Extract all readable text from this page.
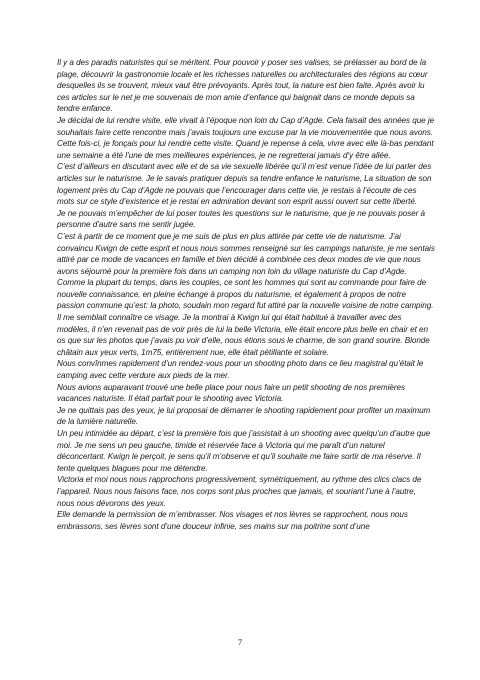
Il y a des paradis naturistes qui se méritent. Pour pouvoir y poser ses valises, se prélasser au bord de la plage, découvrir la gastronomie locale et les richesses naturelles ou architecturales des régions au cœur desquelles ils se trouvent, mieux vaut être prévoyants. Après tout, la nature est bien faite. Après avoir lu ces articles sur le net je me souvenais de mon amie d’enfance qui baignait dans ce monde depuis sa tendre enfance.

Je décidai de lui rendre visite, elle vivait à l’époque non loin du Cap d’Agde. Cela faisait des années que je souhaitais faire cette rencontre mais j’avais toujours une excuse par la vie mouvementée que nous avons. Cette fois-ci, je fonçais pour lui rendre cette visite. Quand je repense à cela, vivre avec elle là-bas pendant une semaine a été l’une de mes meilleures expériences, je ne regretterai jamais d’y être allée.

C’est d’ailleurs en discutant avec elle et de sa vie sexuelle libérée qu’il m’est venue l’idée de lui parler des articles sur le naturisme. Je le savais pratiquer depuis sa tendre enfance le naturisme, La situation de son logement près du Cap d’Agde ne pouvais que l’encourager dans cette vie, je restais à l’écoute de ces mots sur ce style d’existence et je restai en admiration devant son esprit aussi ouvert sur cette liberté.

Je ne pouvais m’empêcher de lui poser toutes les questions sur le naturisme, que je ne pouvais poser à personne d’autre sans me sentir jugée.

C’est à partir de ce moment que je me suis de plus en plus attirée par cette vie de naturisme. J’ai convaincu Kwign de cette esprit et nous nous sommes renseigné sur les campings naturiste, je me sentais attiré par ce mode de vacances en famille et bien décidé à combinée ces deux modes de vie que nous avons séjourné pour la première fois dans un camping non loin du village naturiste du Cap d’Agde.

Comme la plupart du temps, dans les couples, ce sont les hommes qui sont au commande pour faire de nouvelle connaissance, en pleine échange à propos du naturisme, et également à propos de notre passion commune qu’est: la photo, soudain mon regard fut attiré par la nouvelle voisine de notre camping. Il me semblait connaître ce visage. Je la montrai à Kwign lui qui était habitué à travailler avec des modèles, il n’en revenait pas de voir près de lui la belle Victoria, elle était encore plus belle en chair et en os que sur les photos que j’avais pu voir d’elle, nous étions sous le charme, de son grand sourire. Blonde châtain aux yeux verts, 1m75, entièrement nue, elle était pétillante et solaire.

Nous convînmes rapidement d’un rendez-vous pour un shooting photo dans ce lieu magistral qu’était le camping avec cette verdure aux pieds de la mer.

Nous avions auparavant trouvé une belle place pour nous faire un petit shooting de nos premières vacances naturiste. Il était parfait pour le shooting avec Victoria.

Je ne quittais pas des yeux, je lui proposai de démarrer le shooting rapidement pour profiter un maximum de la lumière naturelle.

Un peu intimidée au départ, c’est la première fois que j’assistait à un shooting avec quelqu’un d’autre que moi. Je me sens un peu gauche, timide et réservée face à Victoria qui me paraît d’un naturel déconcertant. Kwign le perçoit, je sens qu’il m’observe et qu’il souhaite me faire sortir de ma réserve. Il tente quelques blagues pour me détendre.

Victoria et moi nous nous rapprochons progressivement, symétriquement, au rythme des clics clacs de l’appareil. Nous nous faisons face, nos corps sont plus proches que jamais, et souriant l’une à l’autre, nous nous dévorons des yeux.

Elle demande la permission de m’embrasser. Nos visages et nos lèvres se rapprochent, nous nous embrassons, ses lèvres sont d’une douceur infinie, ses mains sur ma poitrine sont d’une

7
